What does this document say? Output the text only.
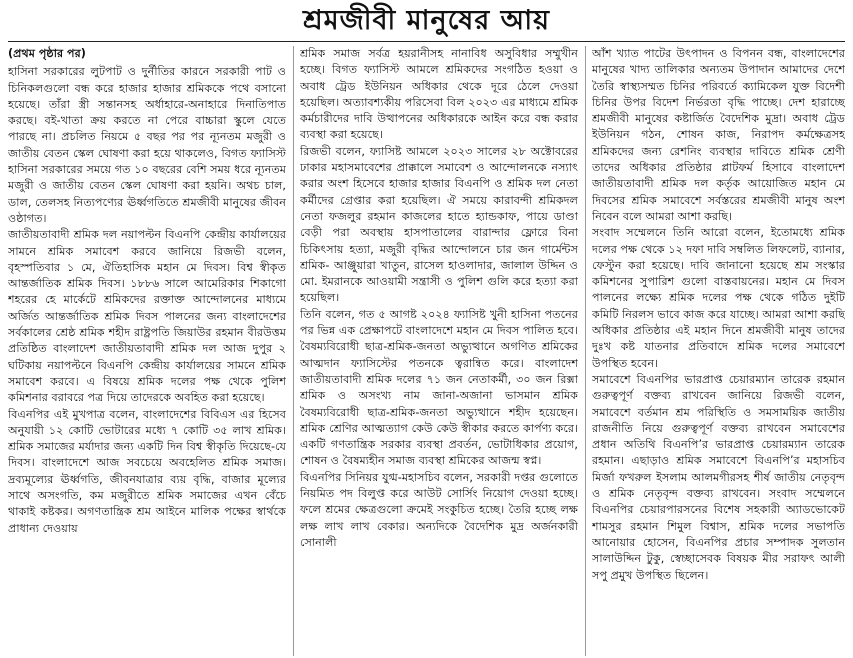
শ্রমজীবী মানুষের আয়

(প্রথম পৃষ্ঠার পর)

হাসিনা সরকারের লুটপাট ও দুর্নীতির কারনে সরকারী পাট ও চিনিকলগুলো বন্ধ করে হাজার হাজার শ্রমিককে পথে বসানো হয়েছে। তাঁরা স্ত্রী সন্তানসহ অর্ধাহারে-অনাহারে দিনাতিপাত করছে। বই-খাতা ক্রয় করতে না পেরে বাচ্চারা স্কুলে যেতে পারছে না। প্রচলিত নিয়মে ৫ বছর পর পর ন্যূনতম মজুরী ও জাতীয় বেতন স্কেল ঘোষণা করা হয়ে থাকলেও, বিগত ফ্যাসিস্ট হাসিনা সরকারের সময়ে গত ১০ বছরের বেশি সময় ধরে ন্যূনতম মজুরী ও জাতীয় বেতন স্কেল ঘোষণা করা হয়নি। অথচ চাল, ডাল, তেলসহ নিত্যপণ্যের ঊর্ধ্বগতিতে শ্রমজীবী মানুষের জীবন ওষ্ঠাগত।

জাতীয়তাবাদী শ্রমিক দল নয়াপল্টন বিএনপি কেন্দ্রীয় কার্যালয়ের সামনে শ্রমিক সমাবেশ করবে জানিয়ে রিজভী বলেন, বৃহস্পতিবার ১ মে, ঐতিহাসিক মহান মে দিবস। বিশ্ব স্বীকৃত আন্তর্জাতিক শ্রমিক দিবস। ১৮৮৬ সালে আমেরিকার শিকাগো শহরের হে মার্কেটে শ্রমিকদের রক্তাক্ত আন্দোলনের মাধ্যমে অর্জিত আন্তর্জাতিক শ্রমিক দিবস পালনের জন্য বাংলাদেশের সর্বকালের শ্রেষ্ঠ শ্রমিক শহীদ রাষ্ট্রপতি জিয়াউর রহমান বীরউত্তম প্রতিষ্ঠিত বাংলাদেশ জাতীয়তাবাদী শ্রমিক দল আজ দুপুর ২ ঘটিকায় নয়াপল্টনে বিএনপি কেন্দ্রীয় কার্যালয়ের সামনে শ্রমিক সমাবেশ করবে। এ বিষয়ে শ্রমিক দলের পক্ষ থেকে পুলিশ কমিশনার বরাবরে পত্র দিয়ে তাদেরকে অবহিত করা হয়েছে।

বিএনপির এই মুখপাত্র বলেন, বাংলাদেশের বিবিএস এর হিসেব অনুযায়ী ১২ কোটি ভোটারের মধ্যে ৭ কোটি ৩৫ লাখ শ্রমিক। শ্রমিক সমাজের মর্যাদার জন্য একটি দিন বিশ্ব স্বীকৃতি দিয়েছে-যে দিবস। বাংলাদেশে আজ সবচেয়ে অবহেলিত শ্রমিক সমাজ। দ্রব্যমূল্যের ঊর্ধ্বগতি, জীবনযাত্রার ব্যয় বৃদ্ধি, বাজার মূল্যের সাথে অসংগতি, কম মজুরীতে শ্রমিক সমাজের এখন বেঁচে থাকাই কষ্টকর। অগণতান্ত্রিক শ্রম আইনে মালিক পক্ষের স্বার্থকে প্রাধান্য দেওয়ায়

শ্রমিক সমাজ সর্বত্র হয়রানীসহ নানাবিধ অসুবিধার সম্মুখীন হচ্ছে। বিগত ফ্যাসিস্ট আমলে শ্রমিকদের সংগঠিত হওয়া ও অবাধ ট্রেড ইউনিয়ন অধিকার থেকে দূরে ঠেলে দেওয়া হয়েছিল। অত্যাবশ্যকীয় পরিসেবা বিল ২০২৩ এর মাধ্যমে শ্রমিক কর্মচারীদের দাবি উত্থাপনের অধিকারকে আইন করে বন্ধ করার ব্যবস্থা করা হয়েছে।

রিজভী বলেন, ফ্যাসিষ্ট আমলে ২০২৩ সালের ২৮ অক্টোবরের ঢাকার মহাসমাবেশের প্রাক্কালে সমাবেশ ও আন্দোলনকে নস্যাৎ করার অংশ হিসেবে হাজার হাজার বিএনপি ও শ্রমিক দল নেতা কর্মীদের গ্রেপ্তার করা হয়েছিল। ঐ সময়ে কারাবন্দী শ্রমিকদল নেতা ফজলুর রহমান কাজলের হাতে হ্যান্ডকাফ, পায়ে ডাণ্ডা বেড়ী পরা অবস্থায় হাসপাতালের বারান্দার ফ্লোরে বিনা চিকিৎসায় হত্যা, মজুরী বৃদ্ধির আন্দোলনে চার জন গার্মেন্টস শ্রমিক- আঞ্জুয়ারা খাতুন, রাসেল হাওলাদার, জালাল উদ্দিন ও মো. ইমরানকে আওয়ামী সন্ত্রাসী ও পুলিশ গুলি করে হত্যা করা হয়েছিল।

তিনি বলেন, গত ৫ আগষ্ট ২০২৪ ফ্যাসিষ্ট খুনী হাসিনা পতনের পর ভিন্ন এক প্রেক্ষাপটে বাংলাদেশে মহান মে দিবস পালিত হবে। বৈষম্যবিরোধী ছাত্র-শ্রমিক-জনতা অভ্যুত্থানে অগণিত শ্রমিকের আত্মদান ফ্যাসিস্টের পতনকে ত্বরান্বিত করে। বাংলাদেশ জাতীয়তাবাদী শ্রমিক দলের ৭১ জন নেতাকর্মী, ৩০ জন রিক্সা শ্রমিক ও অসংখ্য নাম জানা-অজানা ভাসমান শ্রমিক বৈষম্যবিরোধী ছাত্র-শ্রমিক-জনতা অভ্যুত্থানে শহীদ হয়েছেন। শ্রমিক শ্রেণির আত্মত্যাগ কেউ কেউ স্বীকার করতে কার্পণ্য করে। একটি গণতান্ত্রিক সরকার ব্যবস্থা প্রবর্তন, ভোটাধিকার প্রয়োগ, শোষন ও বৈষম্যহীন সমাজ ব্যবস্থা শ্রমিকের আজন্ম স্বপ্ন।

বিএনপির সিনিয়র যুগ্ম-মহাসচিব বলেন, সরকারী দপ্তর গুলোতে নিয়মিত পদ বিলুপ্ত করে আউট সোর্সিং নিয়োগ দেওয়া হচ্ছে। ফলে শ্রমের ক্ষেত্রগুলো ক্রমেই সংকুচিত হচ্ছে। তৈরি হচ্ছে লক্ষ লক্ষ লাখ লাখ বেকার। অন্যদিকে বৈদেশিক মুদ্র অর্জনকারী সোনালী

আঁশ খ্যাত পাটের উৎপাদন ও বিপনন বন্ধ, বাংলাদেশের মানুষের খাদ্য তালিকার অন্যতম উপাদান আমাদের দেশে তৈরি স্বাস্থ্যসম্মত চিনির পরিবর্তে ক্যামিকেল যুক্ত বিদেশী চিনির উপর বিদেশ নির্ভরতা বৃদ্ধি পাচ্ছে। দেশ হারাচ্ছে শ্রমজীবী মানুষের কষ্টার্জিত বৈদেশিক মুদ্রা। অবাধ ট্রেড ইউনিয়ন গঠন, শোষন কাজ, নিরাপদ কর্মক্ষেত্রসহ শ্রমিকদের জন্য রেশনিং ব্যবস্থার দাবিতে শ্রমিক শ্রেণী তাদের অধিকার প্রতিষ্ঠার প্লাটফর্ম হিসাবে বাংলাদেশ জাতীয়তাবাদী শ্রমিক দল কর্তৃক আয়োজিত মহান মে দিবসের শ্রমিক সমাবেশে সর্বস্তরের শ্রমজীবী মানুষ অংশ নিবেন বলে আমরা আশা করছি।

সংবাদ সম্মেলনে তিনি আরো বলেন, ইতোমধ্যে শ্রমিক দলের পক্ষ থেকে ১২ দফা দাবি সম্বলিত লিফলেট, ব্যানার, ফেস্টুন করা হয়েছে। দাবি জানানো হয়েছে শ্রম সংস্কার কমিশনের সুপারিশ গুলো বাস্তবায়নের। মহান মে দিবস পালনের লক্ষ্যে শ্রমিক দলের পক্ষ থেকে গঠিত দুইটি কমিটি নিরলস ভাবে কাজ করে যাচ্ছে। আমরা আশা করছি অধিকার প্রতিষ্ঠার এই মহান দিনে শ্রমজীবী মানুষ তাদের দুঃখ কষ্ট যাতনার প্রতিবাদে শ্রমিক দলের সমাবেশে উপস্থিত হবেন।

সমাবেশে বিএনপির ভারপ্রাপ্ত চেয়ারম্যান তারেক রহমান গুরুত্বপূর্ণ বক্তব্য রাখবেন জানিয়ে রিজভী বলেন, সমাবেশে বর্তমান শ্রম পরিস্থিতি ও সমসাময়িক জাতীয় রাজনীতি নিয়ে গুরুত্বপূর্ণ বক্তব্য রাখবেন সমাবেশের প্রধান অতিথি বিএনপি’র ভারপ্রাপ্ত চেয়ারম্যান তারেক রহমান। এছাড়াও শ্রমিক সমাবেশে বিএনপি’র মহাসচিব মির্জা ফখরুল ইসলাম আলমগীরসহ শীর্ষ জাতীয় নেতৃবৃন্দ ও শ্রমিক নেতৃবৃন্দ বক্তব্য রাখবেন। সংবাদ সম্মেলনে বিএনপির চেয়ারপারসনের বিশেষ সহকারী অ্যাডভোকেট শামসুর রহমান শিমুল বিশ্বাস, শ্রমিক দলের সভাপতি আনোয়ার হোসেন, বিএনপির প্রচার সম্পাদক সুলতান সালাউদ্দিন টুকু, স্বেচ্ছাসেবক বিষয়ক মীর সরাফৎ আলী সপু প্রমুখ উপস্থিত ছিলেন।
